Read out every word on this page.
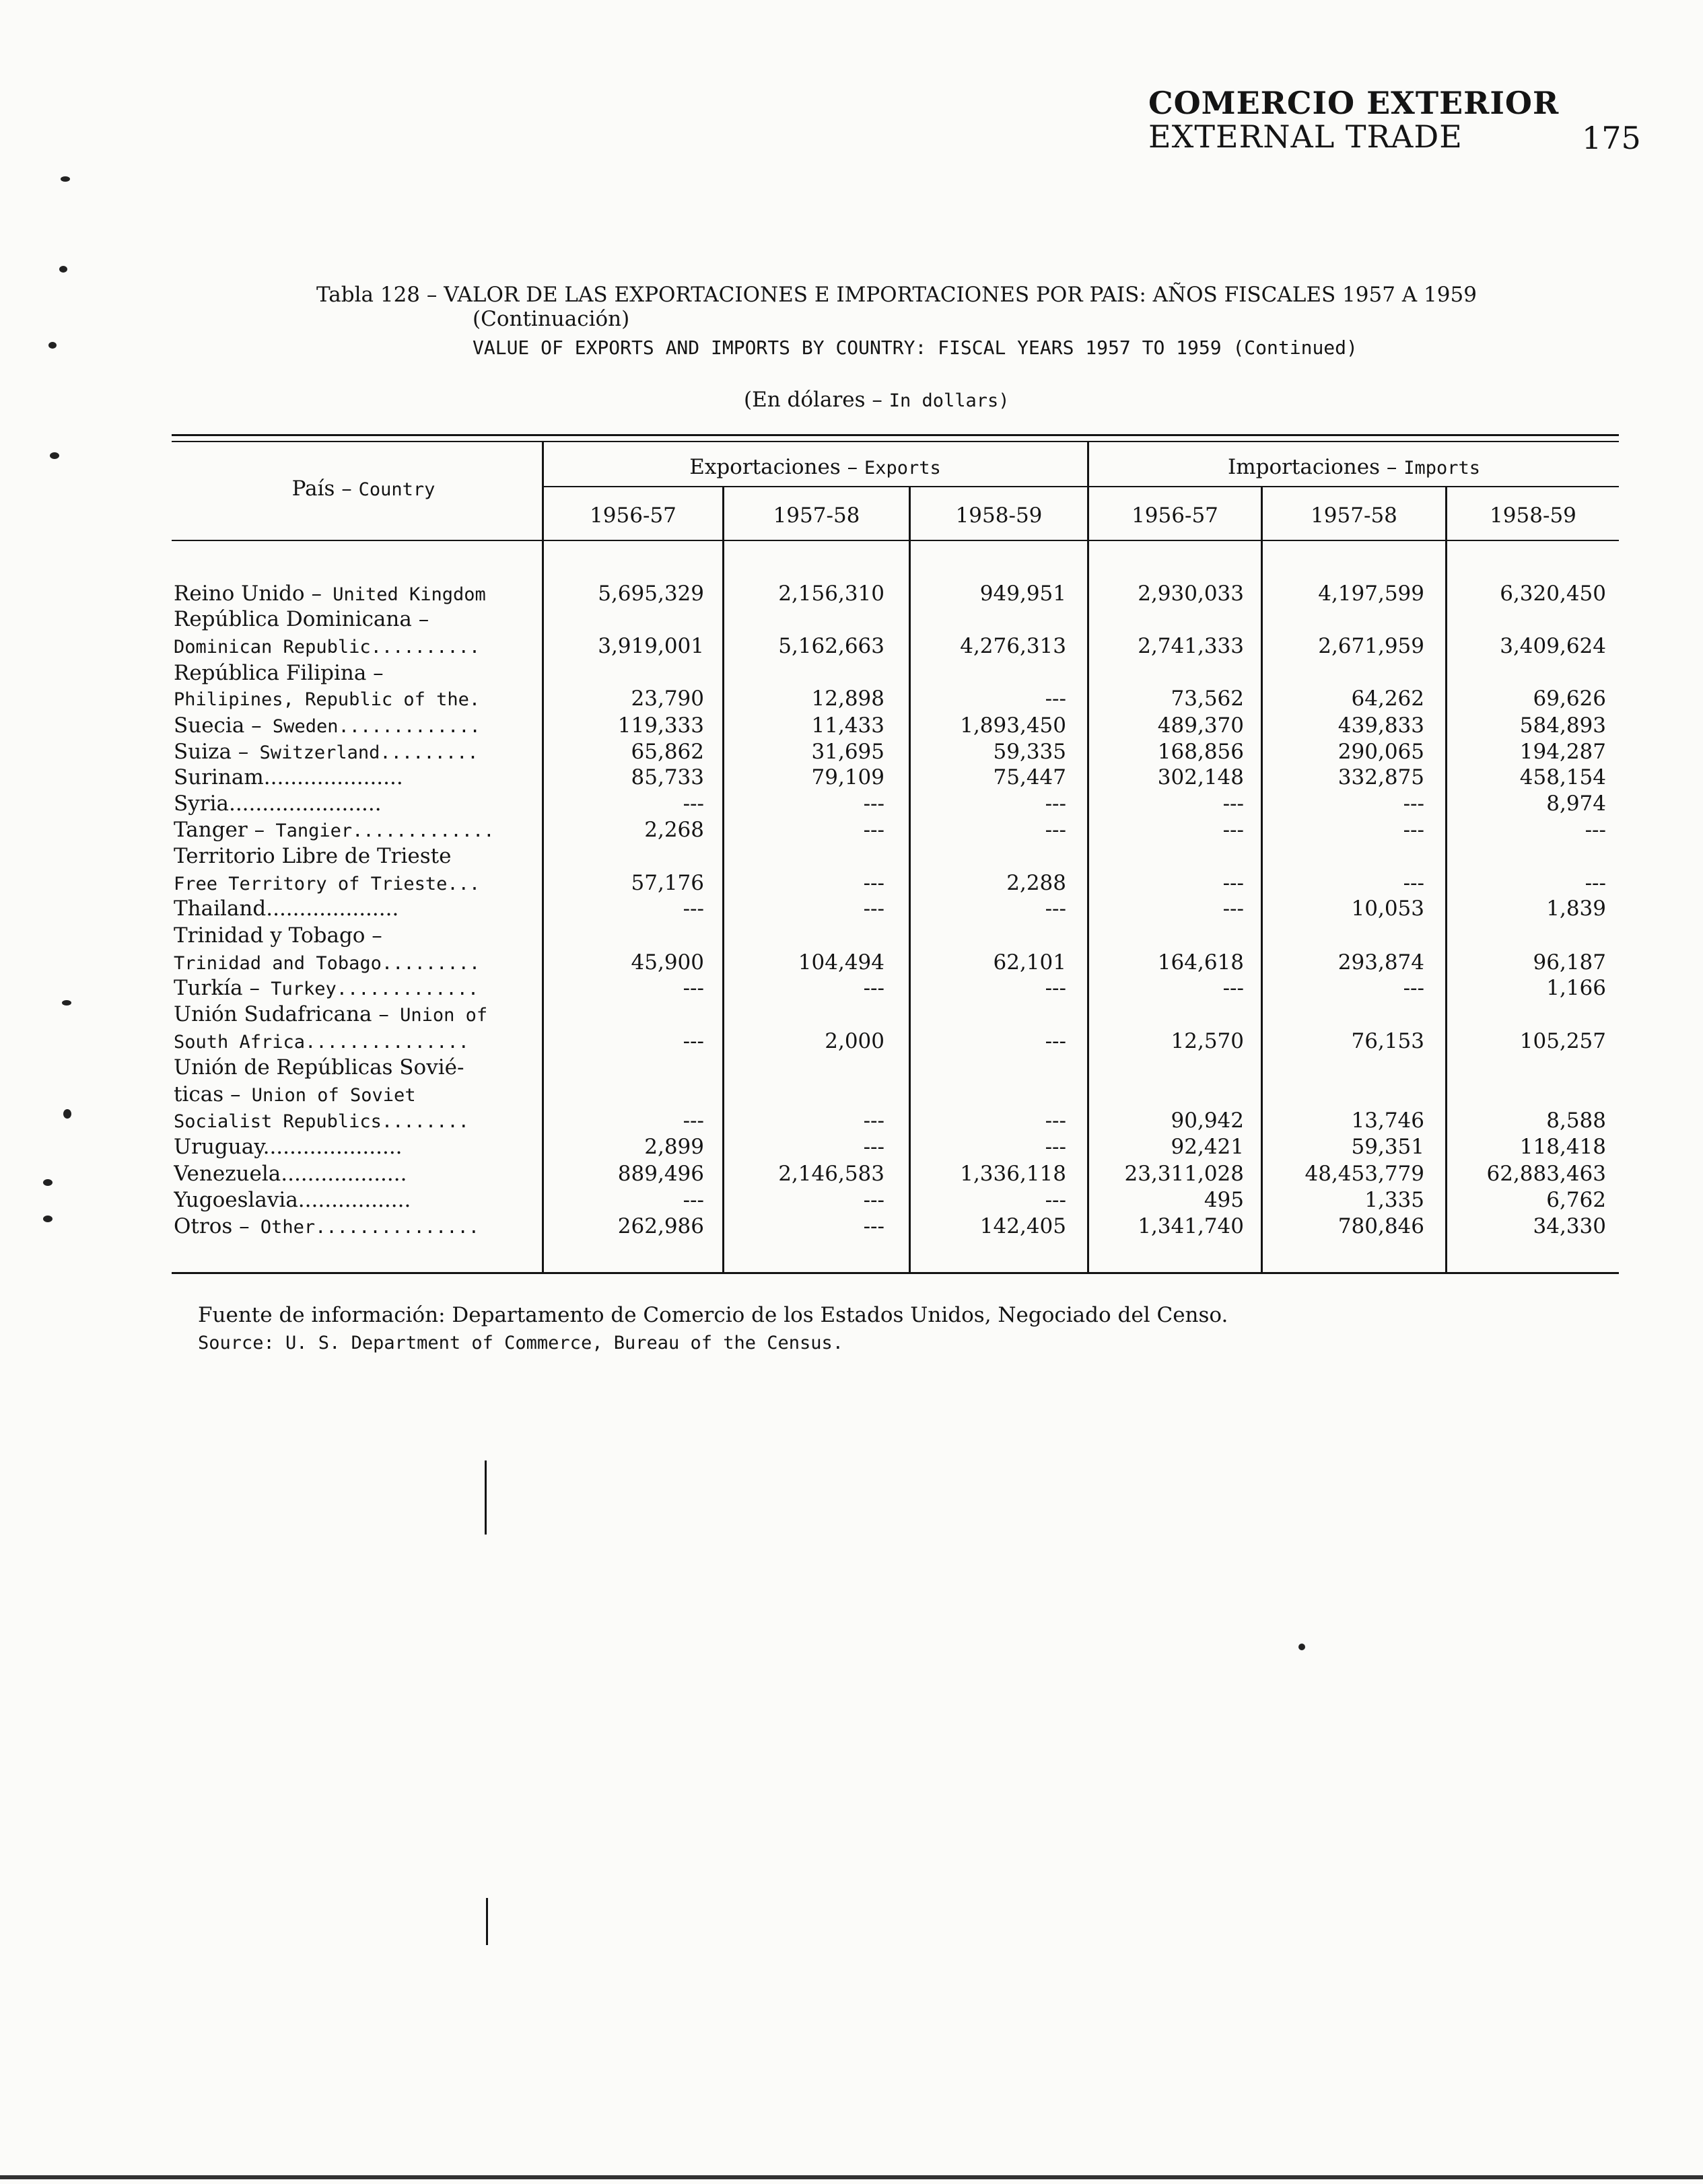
COMERCIO EXTERIOR
EXTERNAL TRADE	175
Tabla 128 – VALOR DE LAS EXPORTACIONES E IMPORTACIONES POR PAIS: AÑOS FISCALES 1957 A 1959
(Continuación)
VALUE OF EXPORTS AND IMPORTS BY COUNTRY: FISCAL YEARS 1957 TO 1959 (Continued)
(En dólares – In dollars)
País – Country
Exportaciones – Exports	Importaciones – Imports
1956-57	1957-58	1958-59	1956-57	1957-58	1958-59
Reino Unido – United Kingdom	5,695,329	2,156,310	949,951	2,930,033	4,197,599	6,320,450
República Dominicana –
Dominican Republic..........	3,919,001	5,162,663	4,276,313	2,741,333	2,671,959	3,409,624
República Filipina –
Philipines, Republic of the.	23,790	12,898	---	73,562	64,262	69,626
Suecia – Sweden.............	119,333	11,433	1,893,450	489,370	439,833	584,893
Suiza – Switzerland.........	65,862	31,695	59,335	168,856	290,065	194,287
Surinam.....................	85,733	79,109	75,447	302,148	332,875	458,154
Syria.......................	---	---	---	---	---	8,974
Tanger – Tangier.............	2,268	---	---	---	---	---
Territorio Libre de Trieste
Free Territory of Trieste...	57,176	---	2,288	---	---	---
Thailand....................	---	---	---	---	10,053	1,839
Trinidad y Tobago –
Trinidad and Tobago.........	45,900	104,494	62,101	164,618	293,874	96,187
Turkía – Turkey.............	---	---	---	---	---	1,166
Unión Sudafricana – Union of
South Africa...............	---	2,000	---	12,570	76,153	105,257
Unión de Repúblicas Sovié-
ticas – Union of Soviet
Socialist Republics........	---	---	---	90,942	13,746	8,588
Uruguay.....................	2,899	---	---	92,421	59,351	118,418
Venezuela...................	889,496	2,146,583	1,336,118	23,311,028	48,453,779	62,883,463
Yugoeslavia.................	---	---	---	495	1,335	6,762
Otros – Other...............	262,986	---	142,405	1,341,740	780,846	34,330
Fuente de información: Departamento de Comercio de los Estados Unidos, Negociado del Censo.
Source: U. S. Department of Commerce, Bureau of the Census.
